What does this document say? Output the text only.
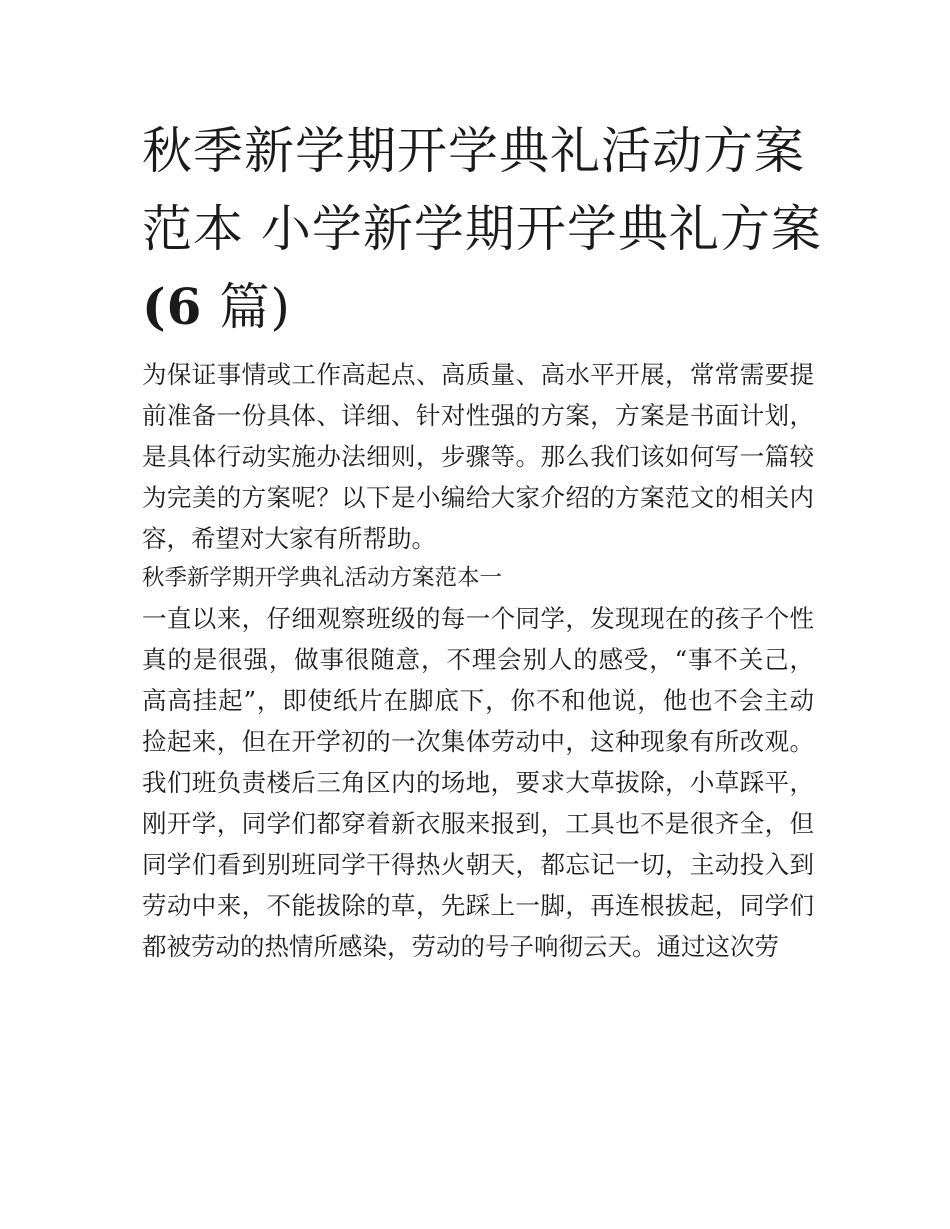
秋季新学期开学典礼活动方案
范本 小学新学期开学典礼方案
(6 篇)
为保证事情或工作高起点、高质量、高水平开展，常常需要提
前准备一份具体、详细、针对性强的方案，方案是书面计划，
是具体行动实施办法细则，步骤等。那么我们该如何写一篇较
为完美的方案呢？以下是小编给大家介绍的方案范文的相关内
容，希望对大家有所帮助。
秋季新学期开学典礼活动方案范本一
一直以来，仔细观察班级的每一个同学，发现现在的孩子个性
真的是很强，做事很随意，不理会别人的感受，“事不关己，
高高挂起”，即使纸片在脚底下，你不和他说，他也不会主动
捡起来，但在开学初的一次集体劳动中，这种现象有所改观。
我们班负责楼后三角区内的场地，要求大草拔除，小草踩平，
刚开学，同学们都穿着新衣服来报到，工具也不是很齐全，但
同学们看到别班同学干得热火朝天，都忘记一切，主动投入到
劳动中来，不能拔除的草，先踩上一脚，再连根拔起，同学们
都被劳动的热情所感染，劳动的号子响彻云天。通过这次劳
